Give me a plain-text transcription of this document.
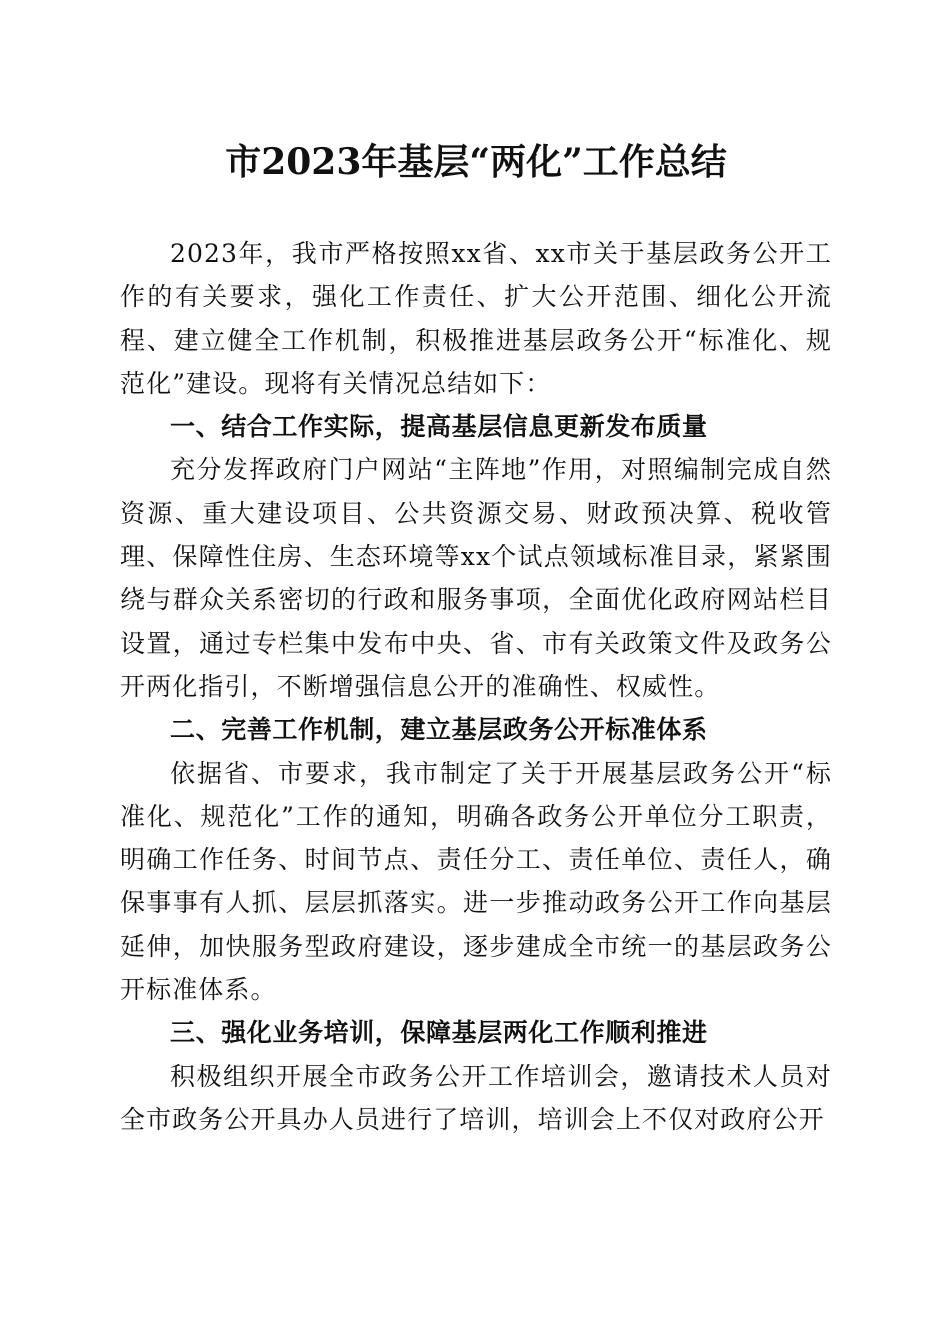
市2023年基层“两化”工作总结

2023年，我市严格按照xx省、xx市关于基层政务公开工作的有关要求，强化工作责任、扩大公开范围、细化公开流程、建立健全工作机制，积极推进基层政务公开“标准化、规范化”建设。现将有关情况总结如下：

一、结合工作实际，提高基层信息更新发布质量

充分发挥政府门户网站“主阵地”作用，对照编制完成自然资源、重大建设项目、公共资源交易、财政预决算、税收管理、保障性住房、生态环境等xx个试点领域标准目录，紧紧围绕与群众关系密切的行政和服务事项，全面优化政府网站栏目设置，通过专栏集中发布中央、省、市有关政策文件及政务公开两化指引，不断增强信息公开的准确性、权威性。

二、完善工作机制，建立基层政务公开标准体系

依据省、市要求，我市制定了关于开展基层政务公开“标准化、规范化”工作的通知，明确各政务公开单位分工职责，明确工作任务、时间节点、责任分工、责任单位、责任人，确保事事有人抓、层层抓落实。进一步推动政务公开工作向基层延伸，加快服务型政府建设，逐步建成全市统一的基层政务公开标准体系。

三、强化业务培训，保障基层两化工作顺利推进

积极组织开展全市政务公开工作培训会，邀请技术人员对全市政务公开具办人员进行了培训，培训会上不仅对政府公开
